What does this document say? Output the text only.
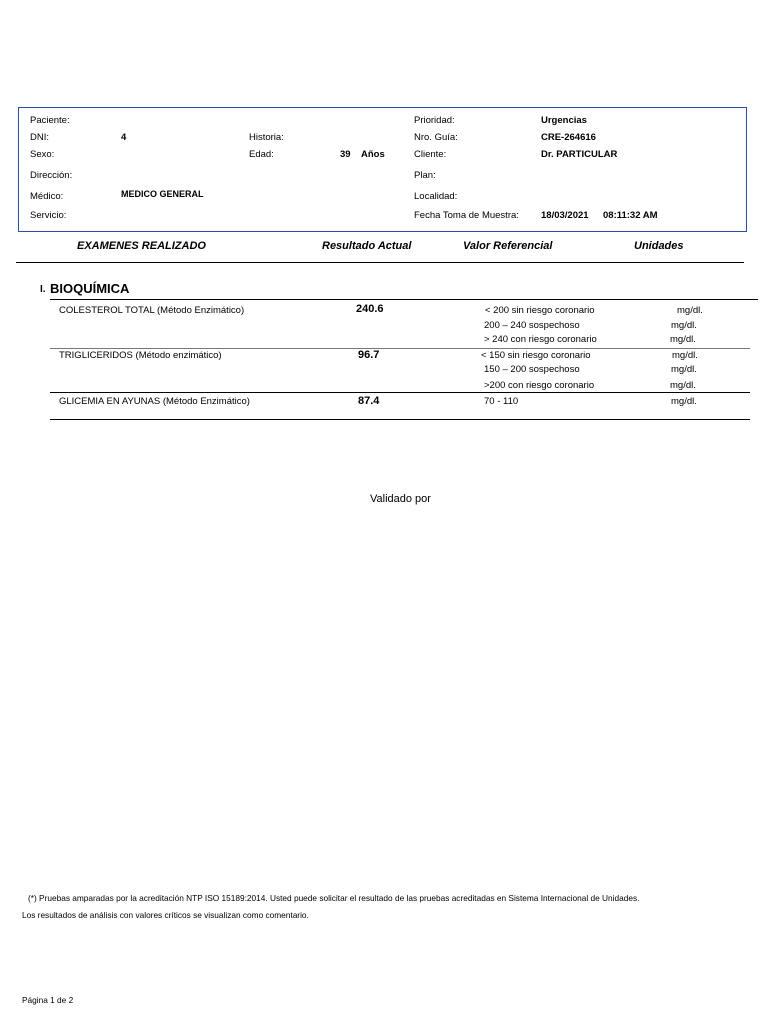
Paciente:
DNI:	4	Historia:
Sexo:	Edad:	39 Años
Dirección:
Médico:	MEDICO GENERAL
Servicio:
Prioridad:	Urgencias
Nro. Guía:	CRE-264616
Cliente:	Dr. PARTICULAR
Plan:
Localidad:
Fecha Toma de Muestra: 18/03/2021 08:11:32 AM
EXAMENES REALIZADO	Resultado Actual	Valor Referencial	Unidades
I. BIOQUÍMICA
COLESTEROL TOTAL (Método Enzimático)	240.6	< 200 sin riesgo coronario	mg/dl.
200 – 240 sospechoso	mg/dl.
> 240 con riesgo coronario	mg/dl.
TRIGLICERIDOS (Método enzimático)	96.7	< 150 sin riesgo coronario	mg/dl.
150 – 200 sospechoso	mg/dl.
>200 con riesgo coronario	mg/dl.
GLICEMIA EN AYUNAS (Método Enzimático)	87.4	70 - 110	mg/dl.
Validado por
(*) Pruebas amparadas por la acreditación NTP ISO 15189:2014. Usted puede solicitar el resultado de las pruebas acreditadas en Sistema Internacional de Unidades.
Los resultados de análisis con valores críticos se visualizan como comentario.
Página 1 de 2
